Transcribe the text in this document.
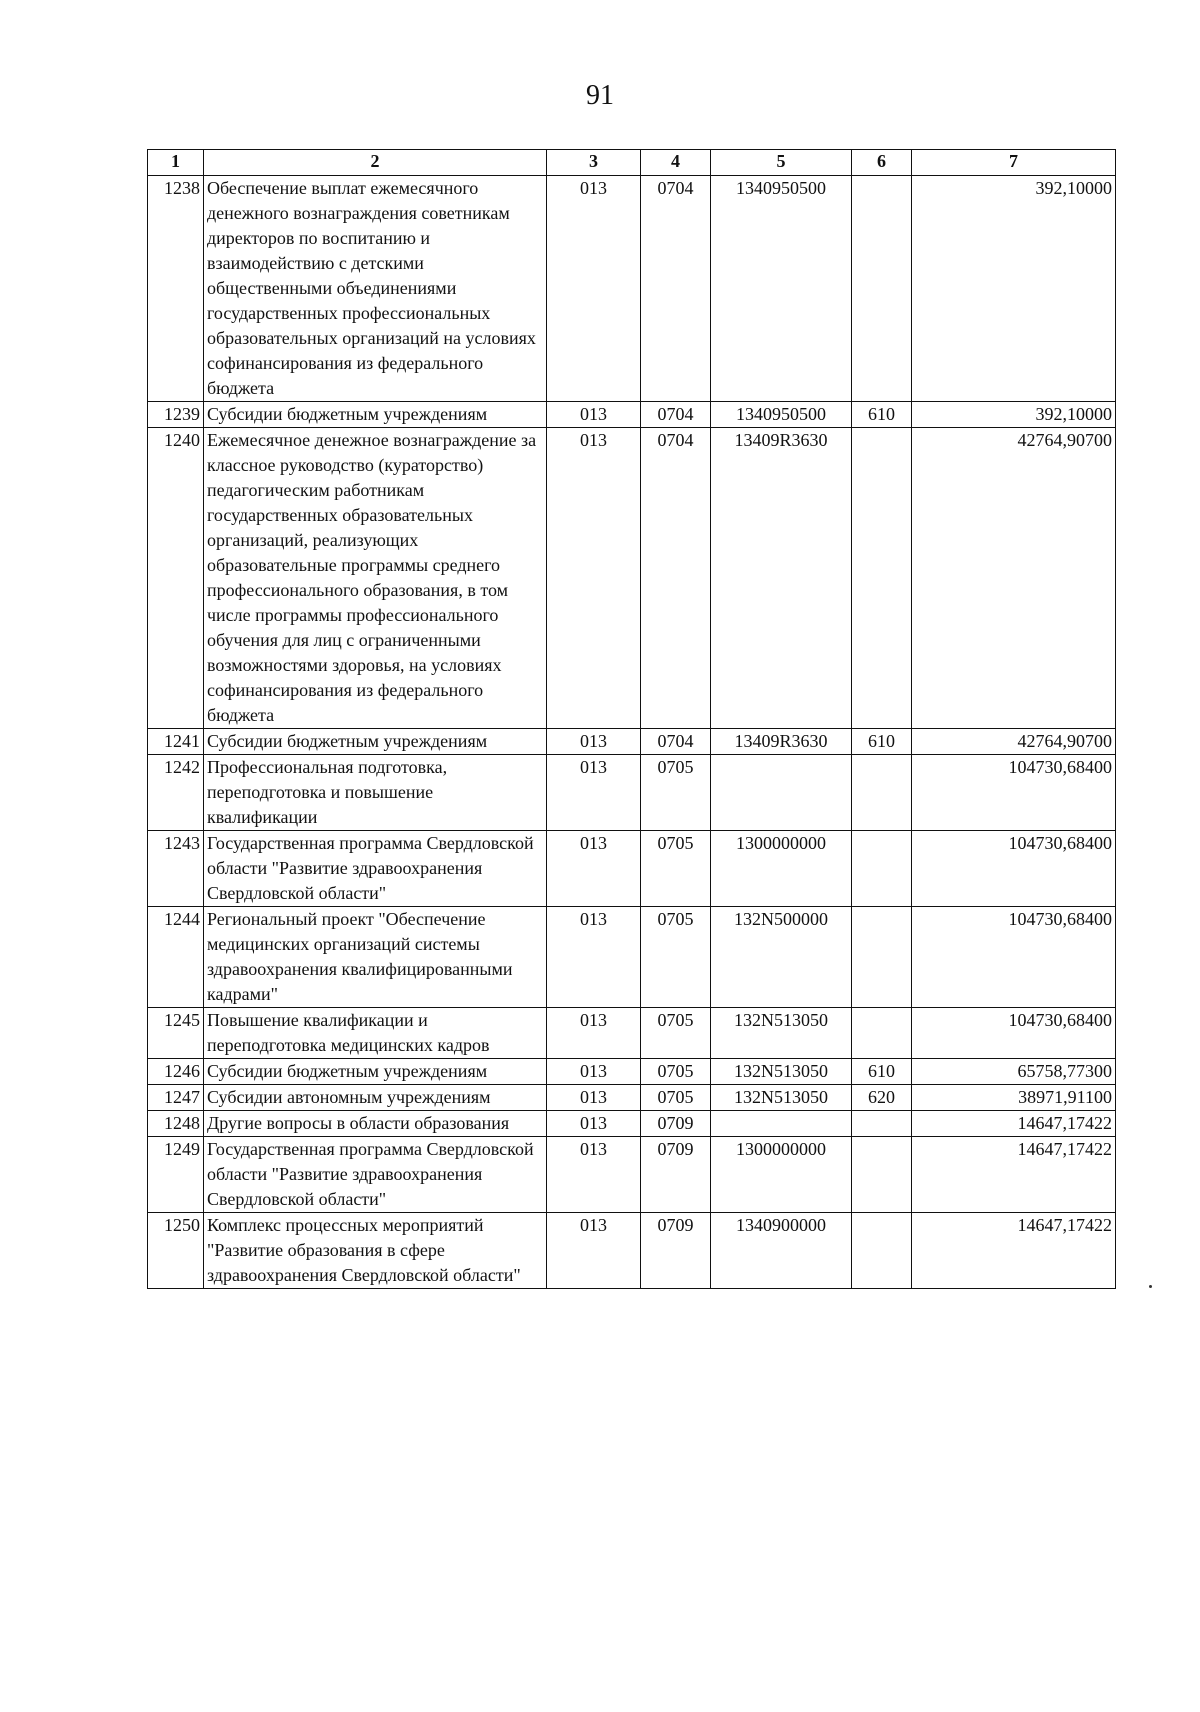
91
1	2	3	4	5	6	7
1238	Обеспечение выплат ежемесячного денежного вознаграждения советникам директоров по воспитанию и взаимодействию с детскими общественными объединениями государственных профессиональных образовательных организаций на условиях софинансирования из федерального бюджета	013	0704	1340950500		392,10000
1239	Субсидии бюджетным учреждениям	013	0704	1340950500	610	392,10000
1240	Ежемесячное денежное вознаграждение за классное руководство (кураторство) педагогическим работникам государственных образовательных организаций, реализующих образовательные программы среднего профессионального образования, в том числе программы профессионального обучения для лиц с ограниченными возможностями здоровья, на условиях софинансирования из федерального бюджета	013	0704	13409R3630		42764,90700
1241	Субсидии бюджетным учреждениям	013	0704	13409R3630	610	42764,90700
1242	Профессиональная подготовка, переподготовка и повышение квалификации	013	0705			104730,68400
1243	Государственная программа Свердловской области "Развитие здравоохранения Свердловской области"	013	0705	1300000000		104730,68400
1244	Региональный проект "Обеспечение медицинских организаций системы здравоохранения квалифицированными кадрами"	013	0705	132N500000		104730,68400
1245	Повышение квалификации и переподготовка медицинских кадров	013	0705	132N513050		104730,68400
1246	Субсидии бюджетным учреждениям	013	0705	132N513050	610	65758,77300
1247	Субсидии автономным учреждениям	013	0705	132N513050	620	38971,91100
1248	Другие вопросы в области образования	013	0709			14647,17422
1249	Государственная программа Свердловской области "Развитие здравоохранения Свердловской области"	013	0709	1300000000		14647,17422
1250	Комплекс процессных мероприятий "Развитие образования в сфере здравоохранения Свердловской области"	013	0709	1340900000		14647,17422
